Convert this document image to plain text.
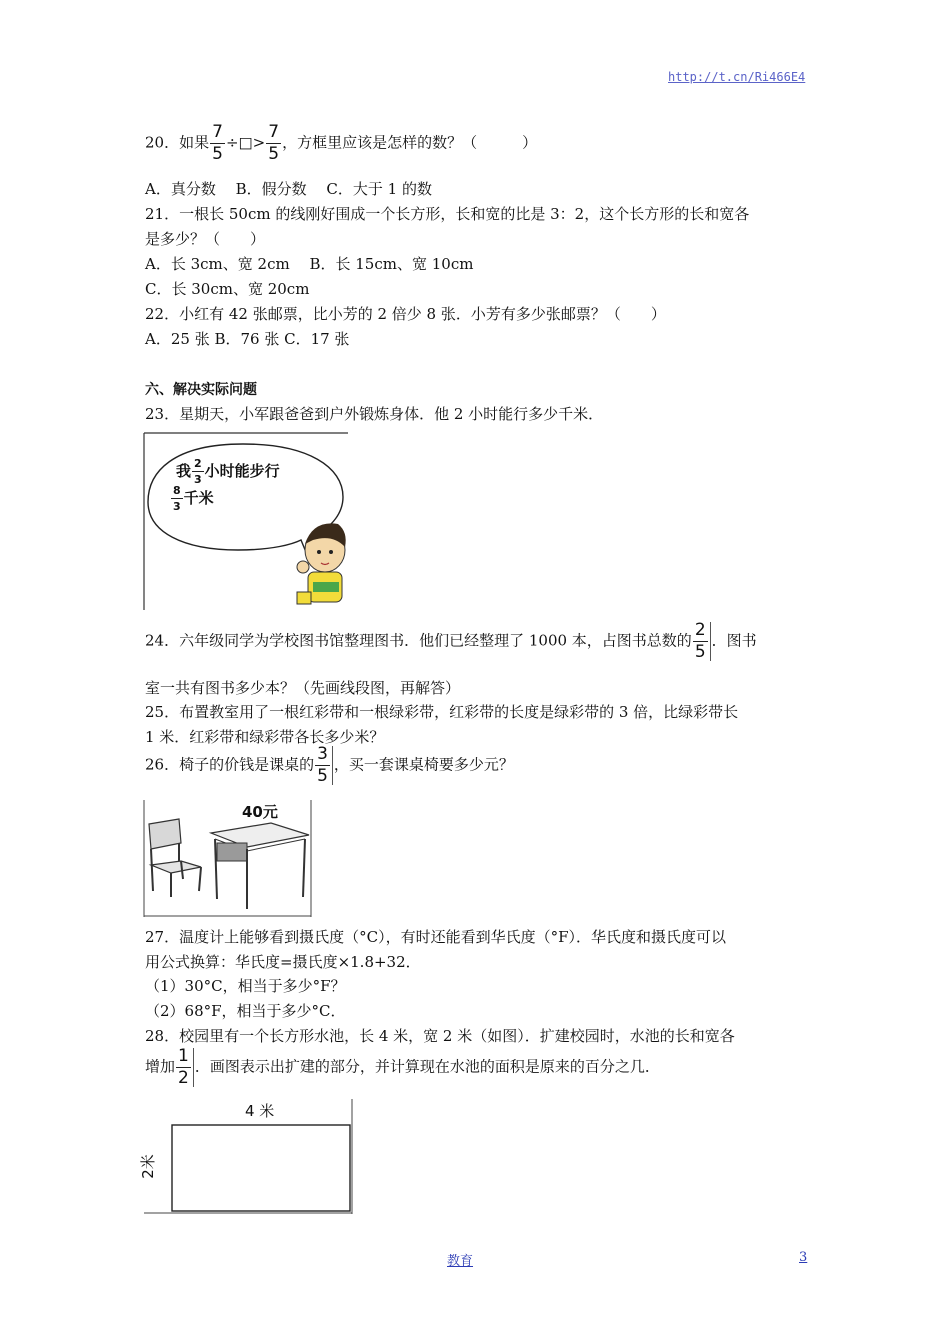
http://t.cn/Ri466E4
20．如果 $\frac{7}{5}$ ÷□> $\frac{7}{5}$ ，方框里应该是怎样的数？（　　　）
A．真分数　 B．假分数　 C．大于 1 的数
21．一根长 50cm 的线刚好围成一个长方形，长和宽的比是 3：2，这个长方形的长和宽各
是多少？（　　）
A．长 3cm、宽 2cm　 B．长 15cm、宽 10cm
C．长 30cm、宽 20cm
22．小红有 42 张邮票，比小芳的 2 倍少 8 张．小芳有多少张邮票？（　　）
A．25 张 B．76 张 C．17 张
六、解决实际问题
23．星期天，小军跟爸爸到户外锻炼身体．他 2 小时能行多少千米．
我 $\frac{2}{3}$ 小时能步行
$\frac{8}{3}$ 千米
24．六年级同学为学校图书馆整理图书．他们已经整理了 1000 本，占图书总数的 $\frac{2}{5}$ ．图书
室一共有图书多少本？（先画线段图，再解答）
25．布置教室用了一根红彩带和一根绿彩带，红彩带的长度是绿彩带的 3 倍，比绿彩带长
1 米．红彩带和绿彩带各长多少米？
26．椅子的价钱是课桌的 $\frac{3}{5}$ ，买一套课桌椅要多少元？
40元
27．温度计上能够看到摄氏度（°C），有时还能看到华氏度（°F）．华氏度和摄氏度可以
用公式换算：华氏度=摄氏度×1.8+32．
（1）30°C，相当于多少°F？
（2）68°F，相当于多少°C．
28．校园里有一个长方形水池，长 4 米，宽 2 米（如图）．扩建校园时，水池的长和宽各
增加 $\frac{1}{2}$ ．画图表示出扩建的部分，并计算现在水池的面积是原来的百分之几．
4 米
2米
教育	3
